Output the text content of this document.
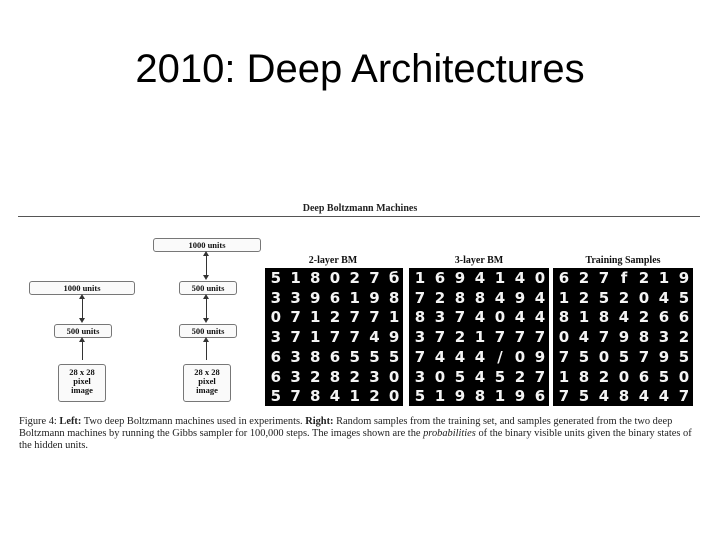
2010: Deep Architectures
Deep Boltzmann Machines
1000 units
500 units
28 x 28
pixel
image
1000 units
500 units
500 units
28 x 28
pixel
image
2-layer BM	3-layer BM	Training Samples
5 1 8 0 2 7 б
3 3 9 6 1 9 8
0 7 1 2 7 7 1
3 7 1 7 7 4 9
6 3 8 6 5 5 5
6 3 2 8 2 3 0
5 7 8 4 1 2 0
1 6 9 4 1 4 0
7 2 8 8 4 9 4
8 3 7 4 0 4 4
3 7 2 1 7 7 7
7 4 4 4 / 0 9
3 0 5 4 5 2 7
5 1 9 8 1 9 6
6 2 7 f 2 1 9
1 2 5 2 0 4 5
8 1 8 4 2 6 6
0 4 7 9 8 3 2
7 5 0 5 7 9 5
1 8 2 0 6 5 0
7 5 4 8 4 4 7
Figure 4: Left: Two deep Boltzmann machines used in experiments. Right: Random samples from the training set, and samples generated from the two deep Boltzmann machines by running the Gibbs sampler for 100,000 steps. The images shown are the probabilities of the binary visible units given the binary states of the hidden units.
